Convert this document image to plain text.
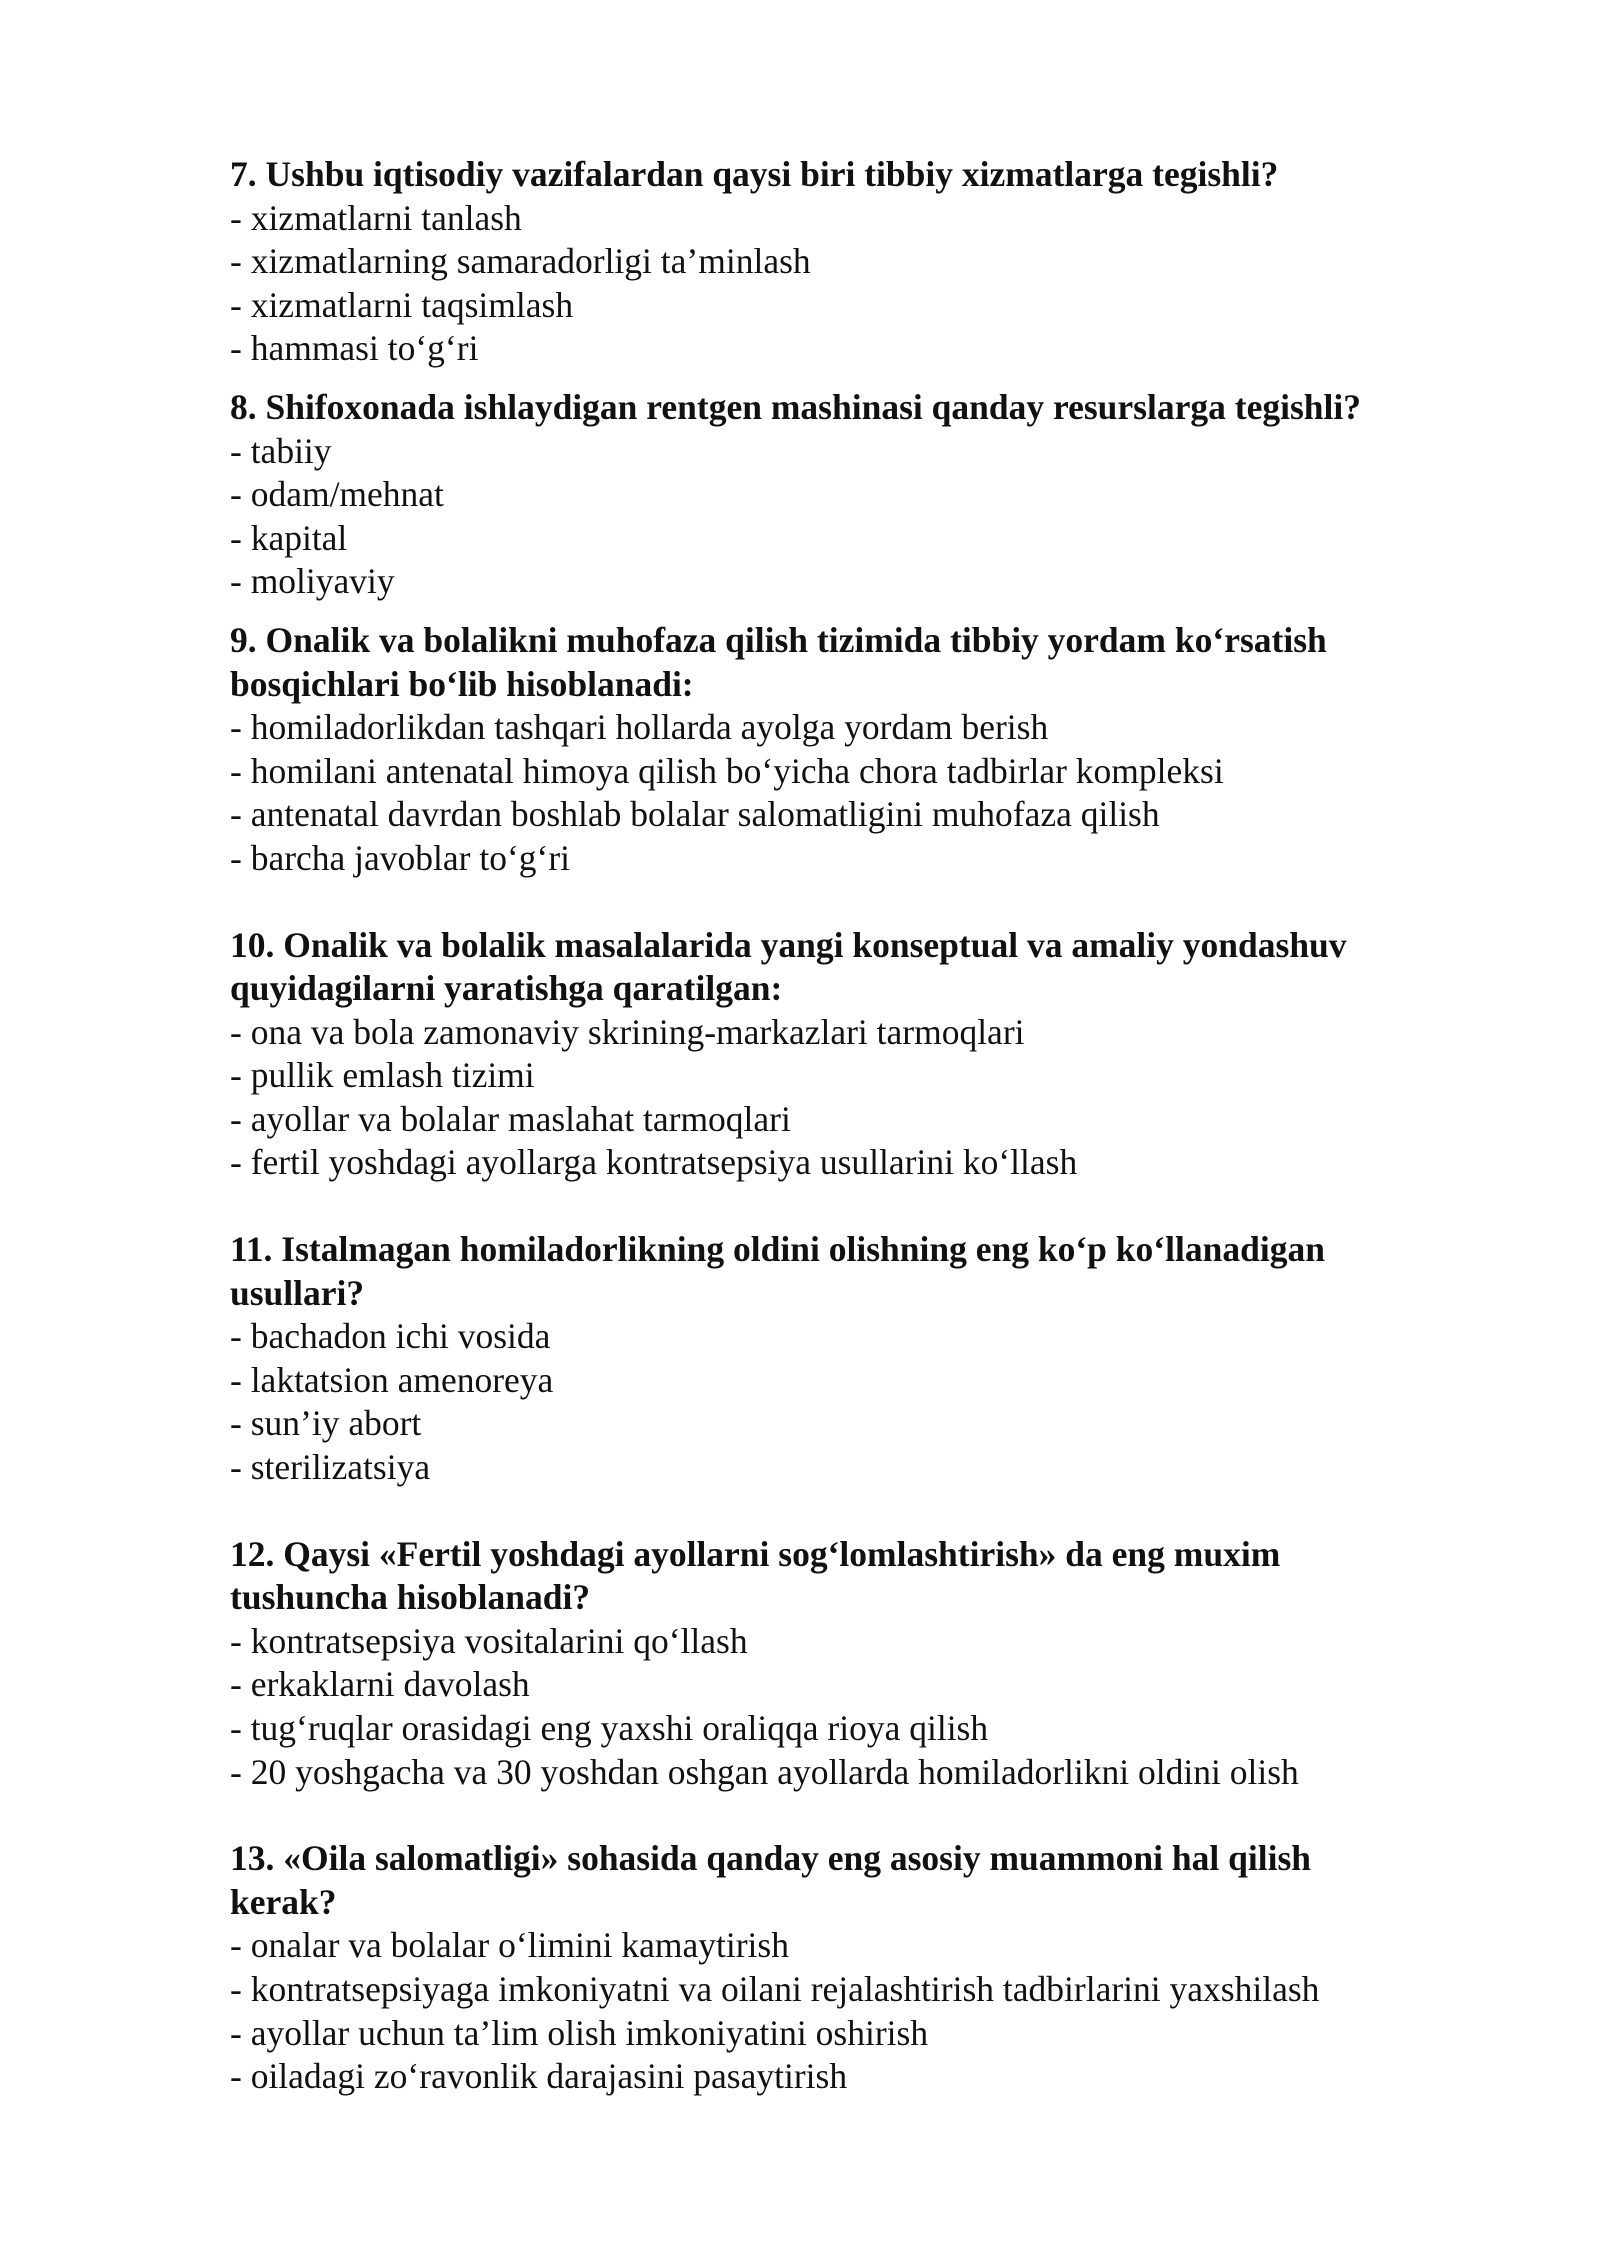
7. Ushbu iqtisodiy vazifalardan qaysi biri tibbiy xizmatlarga tegishli?

- xizmatlarni tanlash

- xizmatlarning samaradorligi ta’minlash

- xizmatlarni taqsimlash

- hammasi to‘g‘ri

8. Shifoxonada ishlaydigan rentgen mashinasi qanday resurslarga tegishli?

- tabiiy

- odam/mehnat

- kapital

- moliyaviy

9. Onalik va bolalikni muhofaza qilish tizimida tibbiy yordam ko‘rsatish

bosqichlari bo‘lib hisoblanadi:

- homiladorlikdan tashqari hollarda ayolga yordam berish

- homilani antenatal himoya qilish bo‘yicha chora tadbirlar kompleksi

- antenatal davrdan boshlab bolalar salomatligini muhofaza qilish

- barcha javoblar to‘g‘ri

10. Onalik va bolalik masalalarida yangi konseptual va amaliy yondashuv

quyidagilarni yaratishga qaratilgan:

- ona va bola zamonaviy skrining-markazlari tarmoqlari

- pullik emlash tizimi

- ayollar va bolalar maslahat tarmoqlari

- fertil yoshdagi ayollarga kontratsepsiya usullarini ko‘llash

11. Istalmagan homiladorlikning oldini olishning eng ko‘p ko‘llanadigan

usullari?

- bachadon ichi vosida

- laktatsion amenoreya

- sun’iy abort

- sterilizatsiya

12. Qaysi «Fertil yoshdagi ayollarni sog‘lomlashtirish» da eng muxim

tushuncha hisoblanadi?

- kontratsepsiya vositalarini qo‘llash

- erkaklarni davolash

- tug‘ruqlar orasidagi eng yaxshi oraliqqa rioya qilish

- 20 yoshgacha va 30 yoshdan oshgan ayollarda homiladorlikni oldini olish

13. «Oila salomatligi» sohasida qanday eng asosiy muammoni hal qilish

kerak?

- onalar va bolalar o‘limini kamaytirish

- kontratsepsiyaga imkoniyatni va oilani rejalashtirish tadbirlarini yaxshilash

- ayollar uchun ta’lim olish imkoniyatini oshirish

- oiladagi zo‘ravonlik darajasini pasaytirish
